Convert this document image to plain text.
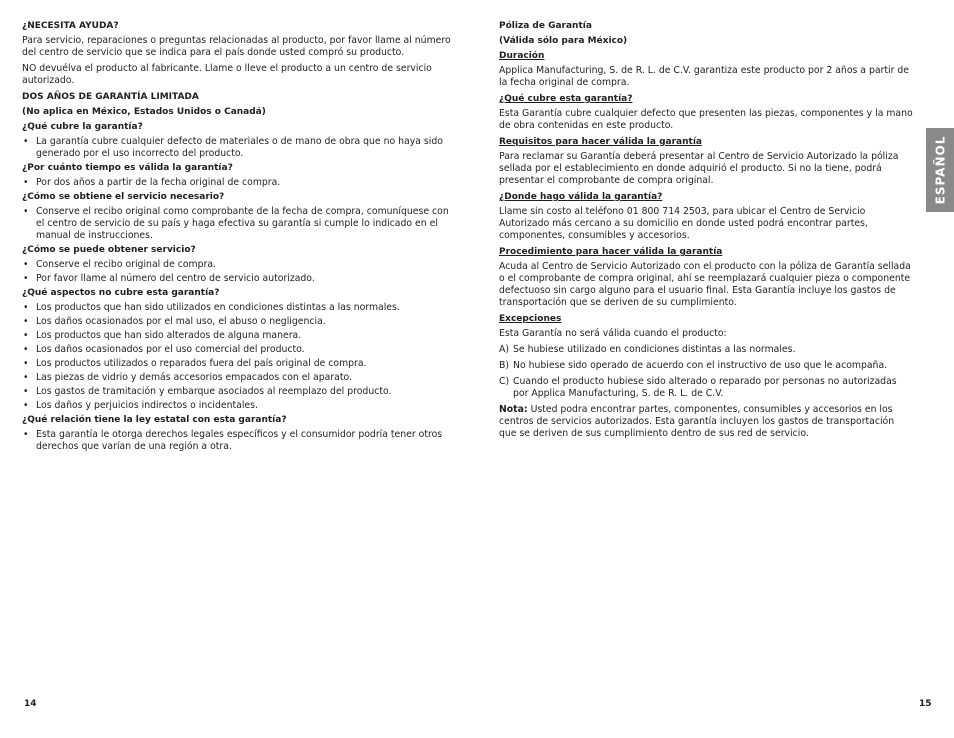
¿NECESITA AYUDA?
Para servicio, reparaciones o preguntas relacionadas al producto, por favor llame al número del centro de servicio que se indica para el país donde usted compró su producto.
NO devuélva el producto al fabricante. Llame o lleve el producto a un centro de servicio autorizado.
DOS AÑOS DE GARANTÍA LIMITADA
(No aplica en México, Estados Unidos o Canadá)
¿Qué cubre la garantía?
• La garantía cubre cualquier defecto de materiales o de mano de obra que no haya sido generado por el uso incorrecto del producto.
¿Por cuánto tiempo es válida la garantía?
• Por dos años a partir de la fecha original de compra.
¿Cómo se obtiene el servicio necesario?
• Conserve el recibo original como comprobante de la fecha de compra, comuníquese con el centro de servicio de su país y haga efectiva su garantía si cumple lo indicado en el manual de instrucciones.
¿Cómo se puede obtener servicio?
• Conserve el recibo original de compra.
• Por favor llame al número del centro de servicio autorizado.
¿Qué aspectos no cubre esta garantía?
• Los productos que han sido utilizados en condiciones distintas a las normales.
• Los daños ocasionados por el mal uso, el abuso o negligencia.
• Los productos que han sido alterados de alguna manera.
• Los daños ocasionados por el uso comercial del producto.
• Los productos utilizados o reparados fuera del país original de compra.
• Las piezas de vidrio y demás accesorios empacados con el aparato.
• Los gastos de tramitación y embarque asociados al reemplazo del producto.
• Los daños y perjuicios indirectos o incidentales.
¿Qué relación tiene la ley estatal con esta garantía?
• Esta garantía le otorga derechos legales específicos y el consumidor podría tener otros derechos que varían de una región a otra.
Póliza de Garantía
(Válida sólo para México)
Duración
Applica Manufacturing, S. de R. L. de C.V. garantiza este producto por 2 años a partir de la fecha original de compra.
¿Qué cubre esta garantía?
Esta Garantía cubre cualquier defecto que presenten las piezas, componentes y la mano de obra contenidas en este producto.
Requisitos para hacer válida la garantía
Para reclamar su Garantía deberá presentar al Centro de Servicio Autorizado la póliza sellada por el establecimiento en donde adquirió el producto. Si no la tiene, podrá presentar el comprobante de compra original.
¿Donde hago válida la garantía?
Llame sin costo al teléfono 01 800 714 2503, para ubicar el Centro de Servicio Autorizado más cercano a su domicilio en donde usted podrá encontrar partes, componentes, consumibles y accesorios.
Procedimiento para hacer válida la garantía
Acuda al Centro de Servicio Autorizado con el producto con la póliza de Garantía sellada o el comprobante de compra original, ahí se reemplazará cualquier pieza o componente defectuoso sin cargo alguno para el usuario final. Esta Garantía incluye los gastos de transportación que se deriven de su cumplimiento.
Excepciones
Esta Garantía no será válida cuando el producto:
A) Se hubiese utilizado en condiciones distintas a las normales.
B) No hubiese sido operado de acuerdo con el instructivo de uso que le acompaña.
C) Cuando el producto hubiese sido alterado o reparado por personas no autorizadas por Applica Manufacturing, S. de R. L. de C.V.
Nota: Usted podra encontrar partes, componentes, consumibles y accesorios en los centros de servicios autorizados. Esta garantía incluyen los gastos de transportación que se deriven de sus cumplimiento dentro de sus red de servicio.
ESPAÑOL
14	15
